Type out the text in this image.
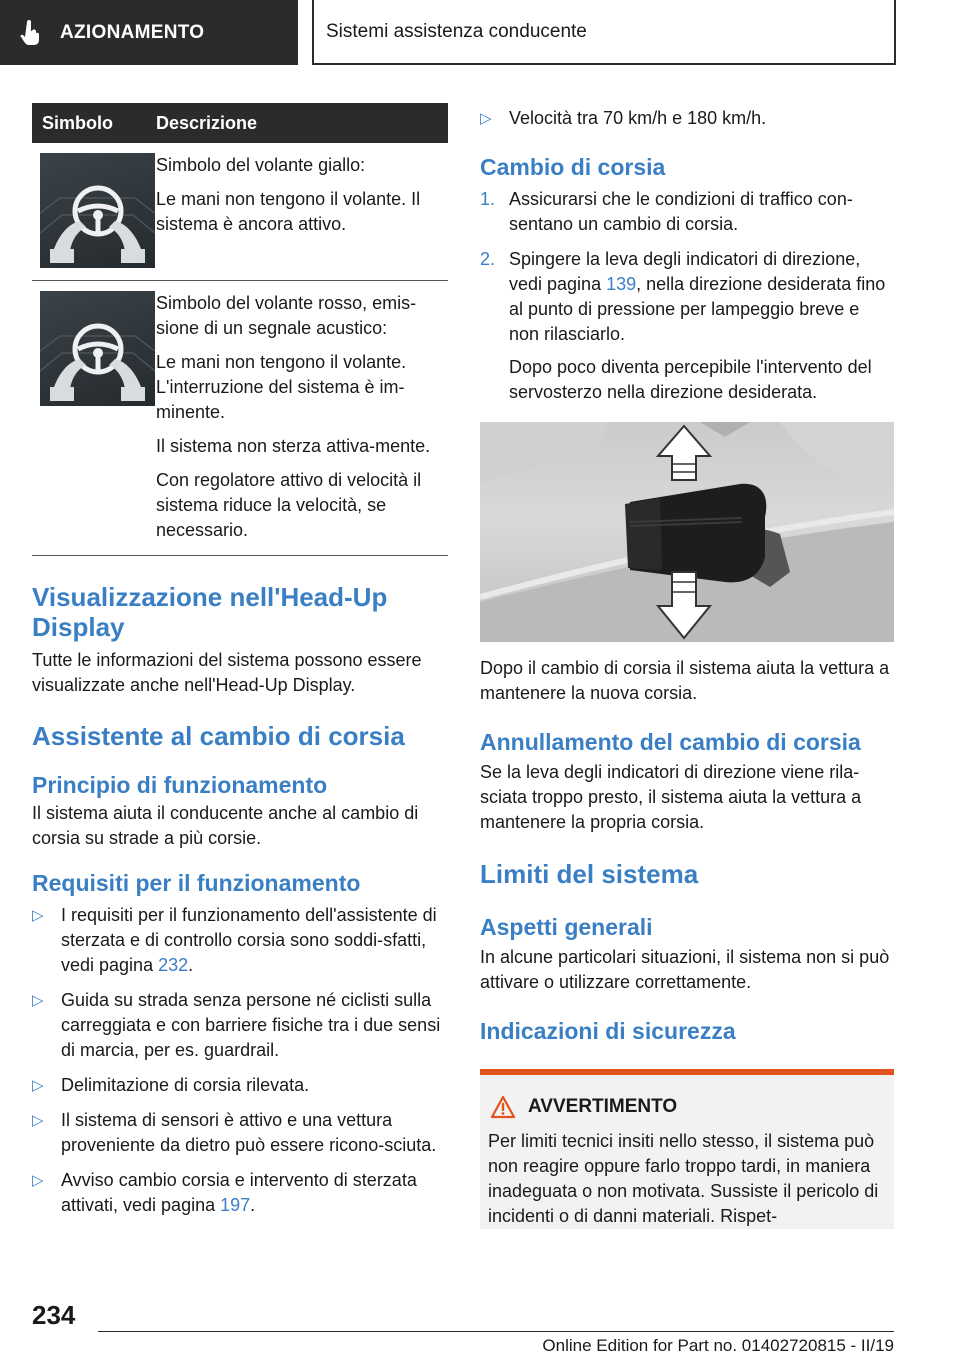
AZIONAMENTO	Sistemi assistenza conducente
Simbolo	Descrizione

Simbolo del volante giallo:

Le mani non tengono il volante. Il sistema è ancora attivo.

Simbolo del volante rosso, emis-sione di un segnale acustico:

Le mani non tengono il volante. L'interruzione del sistema è im-minente.

Il sistema non sterza attiva-mente.

Con regolatore attivo di velocità il sistema riduce la velocità, se necessario.

Visualizzazione nell'Head-Up Display

Tutte le informazioni del sistema possono essere visualizzate anche nell'Head-Up Display.

Assistente al cambio di corsia
Principio di funzionamento

Il sistema aiuta il conducente anche al cambio di corsia su strade a più corsie.

Requisiti per il funzionamento
▷ I requisiti per il funzionamento dell'assistente di sterzata e di controllo corsia sono soddi-sfatti, vedi pagina 232.
▷ Guida su strada senza persone né ciclisti sulla carreggiata e con barriere fisiche tra i due sensi di marcia, per es. guardrail.
▷ Delimitazione di corsia rilevata.
▷ Il sistema di sensori è attivo e una vettura proveniente da dietro può essere ricono-sciuta.
▷ Avviso cambio corsia e intervento di sterzata attivati, vedi pagina 197.
▷ Velocità tra 70 km/h e 180 km/h.
Cambio di corsia
1. Assicurarsi che le condizioni di traffico con-sentano un cambio di corsia.
2. Spingere la leva degli indicatori di direzione, vedi pagina 139, nella direzione desiderata fino al punto di pressione per lampeggio breve e non rilasciarlo.

Dopo poco diventa percepibile l'intervento del servosterzo nella direzione desiderata.

Dopo il cambio di corsia il sistema aiuta la vettura a mantenere la nuova corsia.

Annullamento del cambio di corsia

Se la leva degli indicatori di direzione viene rila-sciata troppo presto, il sistema aiuta la vettura a mantenere la propria corsia.

Limiti del sistema
Aspetti generali

In alcune particolari situazioni, il sistema non si può attivare o utilizzare correttamente.

Indicazioni di sicurezza
AVVERTIMENTO

Per limiti tecnici insiti nello stesso, il sistema può non reagire oppure farlo troppo tardi, in maniera inadeguata o non motivata. Sussiste il pericolo di incidenti o di danni materiali. Rispet-

234
Online Edition for Part no. 01402720815 - II/19
